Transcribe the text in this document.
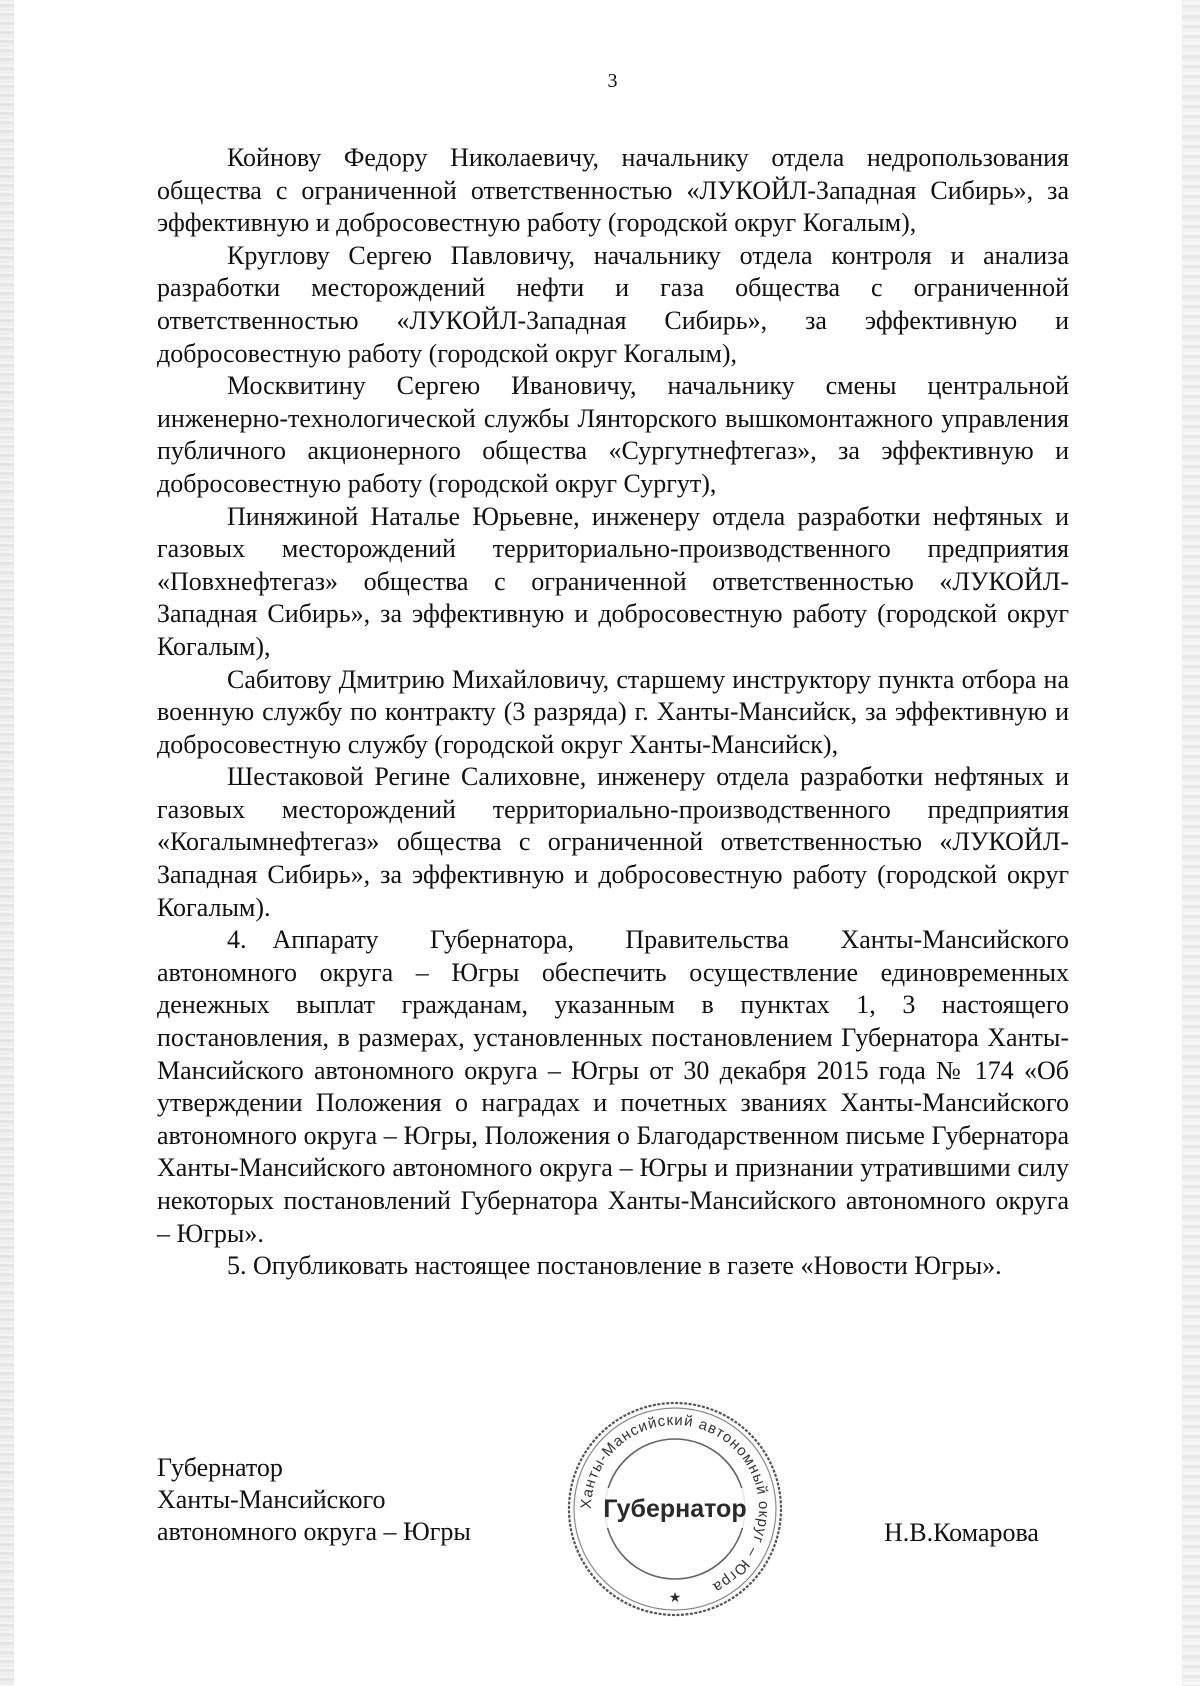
3

Койнову Федору Николаевичу, начальнику отдела недропользования общества с ограниченной ответственностью «ЛУКОЙЛ-Западная Сибирь», за эффективную и добросовестную работу (городской округ Когалым),

Круглову Сергею Павловичу, начальнику отдела контроля и анализа разработки месторождений нефти и газа общества с ограниченной ответственностью «ЛУКОЙЛ-Западная Сибирь», за эффективную и добросовестную работу (городской округ Когалым),

Москвитину Сергею Ивановичу, начальнику смены центральной инженерно-технологической службы Лянторского вышкомонтажного управления публичного акционерного общества «Сургутнефтегаз», за эффективную и добросовестную работу (городской округ Сургут),

Пиняжиной Наталье Юрьевне, инженеру отдела разработки нефтяных и газовых месторождений территориально-производственного предприятия «Повхнефтегаз» общества с ограниченной ответственностью «ЛУКОЙЛ-Западная Сибирь», за эффективную и добросовестную работу (городской округ Когалым),

Сабитову Дмитрию Михайловичу, старшему инструктору пункта отбора на военную службу по контракту (3 разряда) г. Ханты-Мансийск, за эффективную и добросовестную службу (городской округ Ханты-Мансийск),

Шестаковой Регине Салиховне, инженеру отдела разработки нефтяных и газовых месторождений территориально-производственного предприятия «Когалымнефтегаз» общества с ограниченной ответственностью «ЛУКОЙЛ-Западная Сибирь», за эффективную и добросовестную работу (городской округ Когалым).

4. Аппарату Губернатора, Правительства Ханты-Мансийского автономного округа – Югры обеспечить осуществление единовременных денежных выплат гражданам, указанным в пунктах 1, 3 настоящего постановления, в размерах, установленных постановлением Губернатора Ханты-Мансийского автономного округа – Югры от 30 декабря 2015 года № 174 «Об утверждении Положения о наградах и почетных званиях Ханты-Мансийского автономного округа – Югры, Положения о Благодарственном письме Губернатора Ханты-Мансийского автономного округа – Югры и признании утратившими силу некоторых постановлений Губернатора Ханты-Мансийского автономного округа – Югры».

5. Опубликовать настоящее постановление в газете «Новости Югры».

Губернатор
Ханты-Мансийского
автономного округа – Югры
Ханты-Мансийский автономный округ – Югра
Губернатор
★
Н.В.Комарова
